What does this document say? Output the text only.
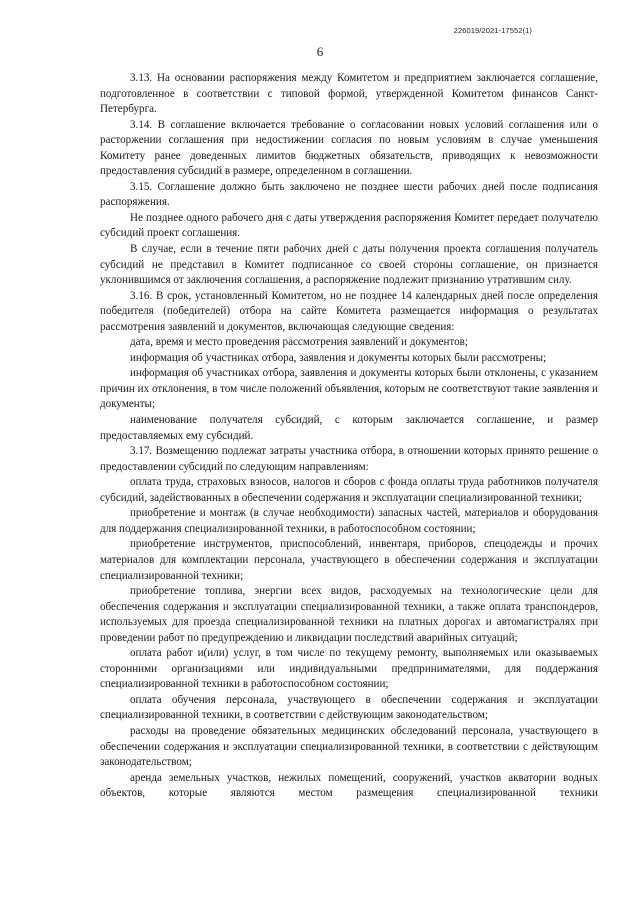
226019/2021-17552(1)
6

3.13. На основании распоряжения между Комитетом и предприятием заключается соглашение, подготовленное в соответствии с типовой формой, утвержденной Комитетом финансов Санкт-Петербурга.

3.14. В соглашение включается требование о согласовании новых условий соглашения или о расторжении соглашения при недостижении согласия по новым условиям в случае уменьшения Комитету ранее доведенных лимитов бюджетных обязательств, приводящих к невозможности предоставления субсидий в размере, определенном в соглашении.

3.15. Соглашение должно быть заключено не позднее шести рабочих дней после подписания распоряжения.

Не позднее одного рабочего дня с даты утверждения распоряжения Комитет передает получателю субсидий проект соглашения.

В случае, если в течение пяти рабочих дней с даты получения проекта соглашения получатель субсидий не представил в Комитет подписанное со своей стороны соглашение, он признается уклонившимся от заключения соглашения, а распоряжение подлежит признанию утратившим силу.

3.16. В срок, установленный Комитетом, но не позднее 14 календарных дней после определения победителя (победителей) отбора на сайте Комитета размещается информация о результатах рассмотрения заявлений и документов, включающая следующие сведения:

дата, время и место проведения рассмотрения заявлений и документов;

информация об участниках отбора, заявления и документы которых были рассмотрены;

информация об участниках отбора, заявления и документы которых были отклонены, с указанием причин их отклонения, в том числе положений объявления, которым не соответствуют такие заявления и документы;

наименование получателя субсидий, с которым заключается соглашение, и размер предоставляемых ему субсидий.

3.17. Возмещению подлежат затраты участника отбора, в отношении которых принято решение о предоставлении субсидий по следующим направлениям:

оплата труда, страховых взносов, налогов и сборов с фонда оплаты труда работников получателя субсидий, задействованных в обеспечении содержания и эксплуатации специализированной техники;

приобретение и монтаж (в случае необходимости) запасных частей, материалов и оборудования для поддержания специализированной техники, в работоспособном состоянии;

приобретение инструментов, приспособлений, инвентаря, приборов, спецодежды и прочих материалов для комплектации персонала, участвующего в обеспечении содержания и эксплуатации специализированной техники;

приобретение топлива, энергии всех видов, расходуемых на технологические цели для обеспечения содержания и эксплуатации специализированной техники, а также оплата транспондеров, используемых для проезда специализированной техники на платных дорогах и автомагистралях при проведении работ по предупреждению и ликвидации последствий аварийных ситуаций;

оплата работ и(или) услуг, в том числе по текущему ремонту, выполняемых или оказываемых сторонними организациями или индивидуальными предпринимателями, для поддержания специализированной техники в работоспособном состоянии;

оплата обучения персонала, участвующего в обеспечении содержания и эксплуатации специализированной техники, в соответствии с действующим законодательством;

расходы на проведение обязательных медицинских обследований персонала, участвующего в обеспечении содержания и эксплуатации специализированной техники, в соответствии с действующим законодательством;

аренда земельных участков, нежилых помещений, сооружений, участков акватории водных объектов, которые являются местом размещения специализированной техники
